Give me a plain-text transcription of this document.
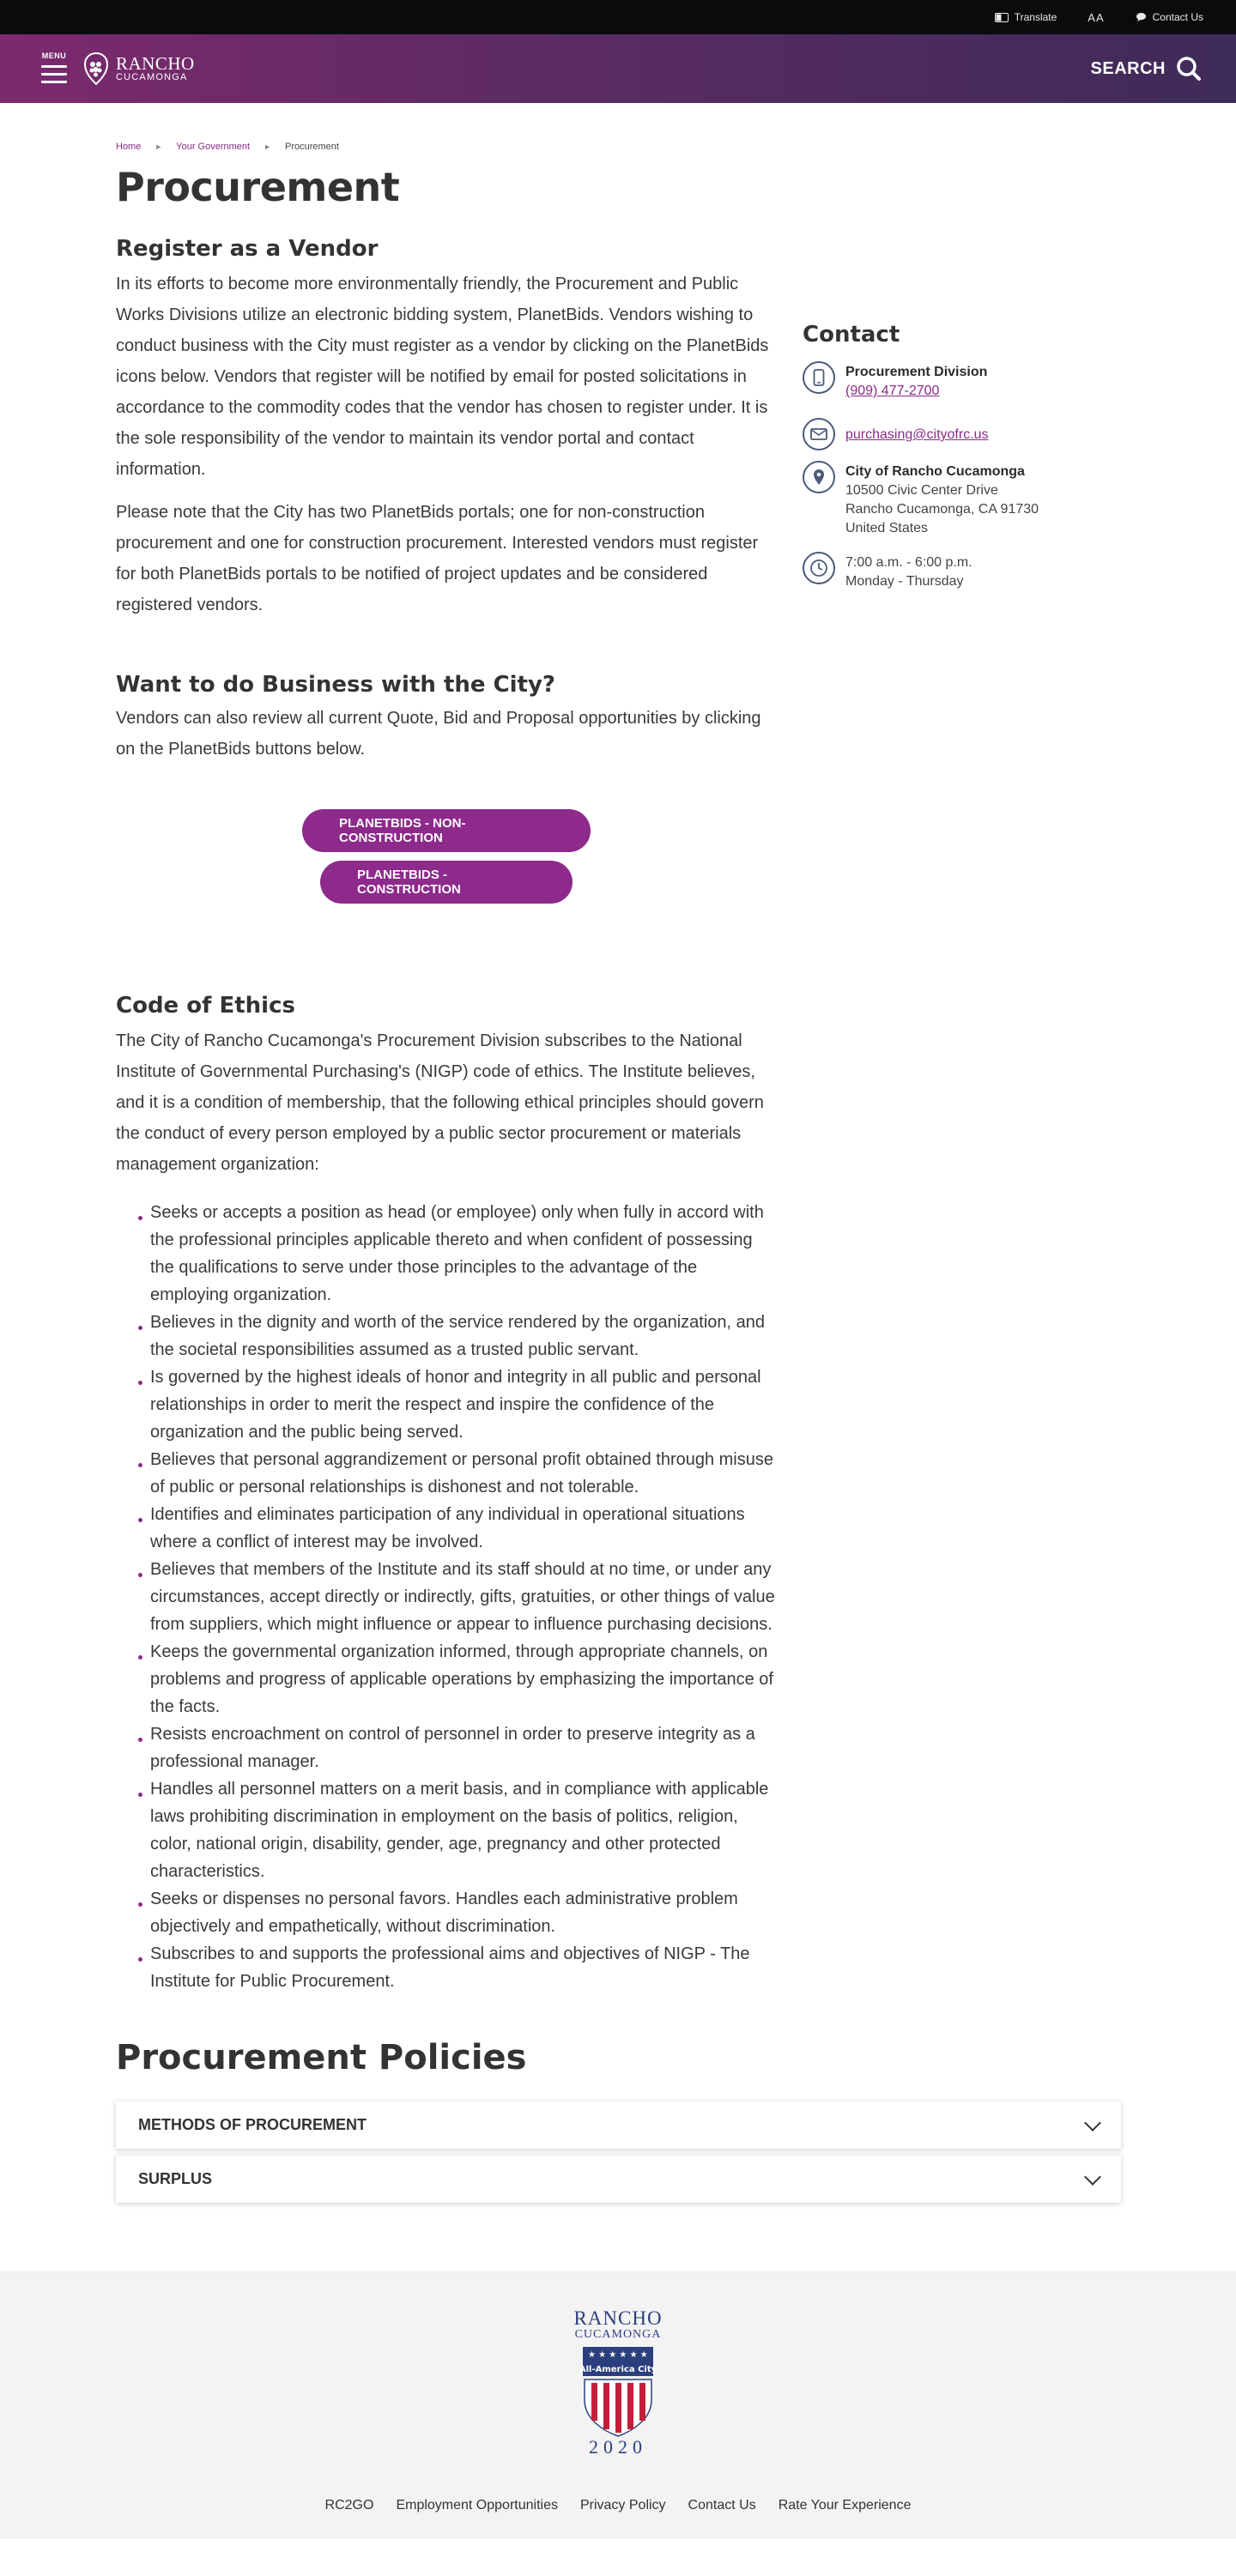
Translate	AA	Contact Us
MENU	RANCHO
CUCAMONGA	SEARCH
Home ► Your Government ► Procurement
Procurement
Register as a Vendor

In its efforts to become more environmentally friendly, the Procurement and Public Works Divisions utilize an electronic bidding system, PlanetBids. Vendors wishing to conduct business with the City must register as a vendor by clicking on the PlanetBids icons below. Vendors that register will be notified by email for posted solicitations in accordance to the commodity codes that the vendor has chosen to register under. It is the sole responsibility of the vendor to maintain its vendor portal and contact information.

Please note that the City has two PlanetBids portals; one for non-construction procurement and one for construction procurement. Interested vendors must register for both PlanetBids portals to be notified of project updates and be considered registered vendors.

Want to do Business with the City?

Vendors can also review all current Quote, Bid and Proposal opportunities by clicking on the PlanetBids buttons below.

PLANETBIDS - NON-CONSTRUCTION
PLANETBIDS - CONSTRUCTION
Code of Ethics

The City of Rancho Cucamonga's Procurement Division subscribes to the National Institute of Governmental Purchasing's (NIGP) code of ethics. The Institute believes, and it is a condition of membership, that the following ethical principles should govern the conduct of every person employed by a public sector procurement or materials management organization:

Seeks or accepts a position as head (or employee) only when fully in accord with the professional principles applicable thereto and when confident of possessing the qualifications to serve under those principles to the advantage of the employing organization.
Believes in the dignity and worth of the service rendered by the organization, and the societal responsibilities assumed as a trusted public servant.
Is governed by the highest ideals of honor and integrity in all public and personal relationships in order to merit the respect and inspire the confidence of the organization and the public being served.
Believes that personal aggrandizement or personal profit obtained through misuse of public or personal relationships is dishonest and not tolerable.
Identifies and eliminates participation of any individual in operational situations where a conflict of interest may be involved.
Believes that members of the Institute and its staff should at no time, or under any circumstances, accept directly or indirectly, gifts, gratuities, or other things of value from suppliers, which might influence or appear to influence purchasing decisions.
Keeps the governmental organization informed, through appropriate channels, on problems and progress of applicable operations by emphasizing the importance of the facts.
Resists encroachment on control of personnel in order to preserve integrity as a professional manager.
Handles all personnel matters on a merit basis, and in compliance with applicable laws prohibiting discrimination in employment on the basis of politics, religion, color, national origin, disability, gender, age, pregnancy and other protected characteristics.
Seeks or dispenses no personal favors. Handles each administrative problem objectively and empathetically, without discrimination.
Subscribes to and supports the professional aims and objectives of NIGP - The Institute for Public Procurement.
Procurement Policies
METHODS OF PROCUREMENT
SURPLUS
Contact
Procurement Division
(909) 477-2700
purchasing@cityofrc.us
City of Rancho Cucamonga
10500 Civic Center Drive
Rancho Cucamonga, CA 91730
United States
7:00 a.m. - 6:00 p.m.
Monday - Thursday
RANCHO
CUCAMONGA
★ ★ ★ ★ ★ ★
All-America City
2020
RC2GO Employment Opportunities Privacy Policy Contact Us Rate Your Experience
